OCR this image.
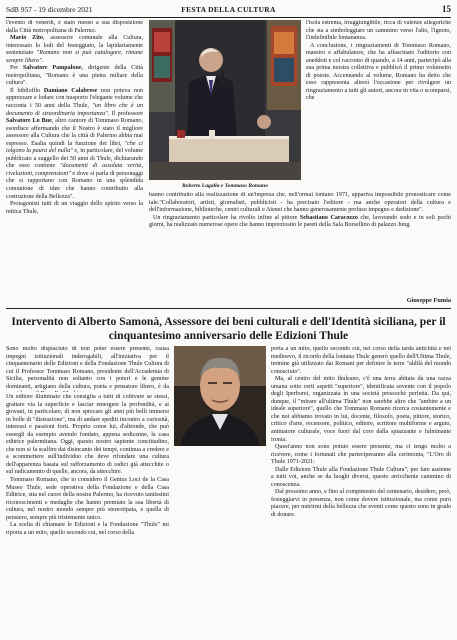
SdB 957 - 19 dicembre 2021	FESTA DELLA CULTURA	15

l'evento di venerdì, è stato messo a sua disposizione dalla Città metropolitana di Palermo.

Mario Zito, assessore comunale alla Cultura, interessato lo lodi del festeggiato, la lapidariamente sentenziato "Romano non si può catalogare, rimane sempre libero".

Per Salvatore Pampalone, dirigente della Città metropolitana, "Romano è una pietra miliare della cultura".

Il bibliofilo Damiano Calabrese non poteva non apprezzare e lodare con trasporto l'elegante volume che racconta i 50 anni della Thule, "un libro che è un documento di straordinaria importanza". Il professore Salvatore Lo Bue, altro cantore di Tommaso Romano, esordisce affermando che il Nostro è stato il migliore assessore alla Cultura che la città di Palermo abbia mai espresso. Esalta quindi la funzione dei libri, "che ci tolgono la paura del nulla" e, in particolare, del volume pubblicato a suggello dei 50 anni di Thule, dichiarando che esso contiene "documenti di assoluta verità, rivelazioni, comprensioni" e dove si parla di personaggi che si rapportano con Romano in una splendida comunione di idee che hanno contribuito alla costruzione della Bellezza".

Protagonisti tutti di un viaggio dello spirito verso la mitica Thule,

Roberto Lagalla e Tommaso Romano

l'isola estrema, irraggiungibile, ricca di valenze allegoriche che sta a simboleggiare un cammino verso l'alto, l'ignoto, l'indefinibile lontananza.

A conclusione, i ringraziamenti di Tommaso Romano, maestro e affabulatore, che ha affascinato l'uditorio con aneddoti e col racconto di quando, a 14 anni, partecipò alla sua prima mostra collettiva e pubblicò il primo volumetto di poesie. Accennando al volume, Romano ha detto che esso rappresenta altresì l'occasione per rivolgere un ringraziamento a tutti gli autori, ancora in vita o scomparsi, che

hanno contribuito alla realizzazione di un'impresa che, nell'ormai lontano 1971, appariva impossibile pronosticare come tale."Collaboratori, artisti, giornalisti, pubblicisti - ha precisato l'editore - ma anche operatori della cultura e dell'informazione, biblioteche, centri culturali e Atenei che hanno generosamente profuso impegno e dedizione".

Un ringraziamento particolare ha rivolto infine al pittore Sebastiano Caracozzo che, lavorando sodo e in soli pochi giorni, ha realizzato numerose opere che hanno impreziosito le pareti della Sala Borsellino di palazzo Jung.

Giuseppe Fumia
Intervento di Alberto Samonà, Assessore dei beni culturali e dell'Identità siciliana, per il cinquantesimo anniversario delle Edizioni Thule

Sono molto dispiaciuto di non poter essere presente, causa impegni istituzionali inderogabili, all'iniziativa per il cinquantenario delle Edizioni e della Fondazione Thule Cultura di cui il Professor Tommaso Romano, presidente dell'Accademia di Sicilia, personalità non soltanto con i poteri e le gemme dominanti, artigiano della cultura, poeta e pensatore libero, è da

Un editore illuminato che consiglia a tutti di coltivare se stessi, grattare via la superficie e lasciar emergere la profondità, e ai giovani, in particolare, di non sprecare gli anni più belli immersi in bolle di "distrazione", ma di andare spediti incontro a curiosità, interessi e passioni forti. Proprio come lui, d'altronde, che può essergli da esempio avendo fondato, appena sedicenne, la casa editrice palermitana. Oggi, questo nostro sapiente concittadino, che non si fa scalfire dai disincanto dei tempi, continua a credere e a scommettere sull'individuo che deve rifondare una cultura dell'apparenza basata sul rafforzamento di radici già attecchite o sul radicamento di quelle, ancora, da attecchire.

Tommaso Romano, che io considero il Genius Loci de la Casa Museo Thule, sede operativa della Fondazione e della Casa Editrice, sita nel cuore della nostra Palermo, ha ricevuto tantissimi riconoscimenti e medaglie che hanno premiato la sua libertà di cultura, nel nostro mondo sempre più stereotipata, e quella di pensiero, sempre più tristemente unico.

La scelta di chiamare le Edizioni e la Fondazione "Thule" mi riporta a un mito, quello secondo cui, nel corso della

porta a un mito, quello secondo cui, nel corso della tarda antichità e nel medioevo, il ricordo della lontana Thule generò quello dell'Ultima Thule, termine già utilizzato dai Romani per definire le terre "aldilà del mondo conosciuto".

Ma, al centro del mito thuleano, c'è una terra abitata da una razza umana sotto certi aspetti "superiore", identificata sovente con il popolo degli Iperborei, organizzata in una società pressoché perfetta. Da qui, dunque, il "mirare all'ultima Thule" non sarebbe altro che "ambire a un ideale superiore", quello che Tommaso Romano ricerca costantemente e che noi abbiamo trovato in lui, docente, filosofo, poeta, pittore, storico, critico d'arte, recensore, politico, editore, scrittore multiforme e arguto, animatore culturale, voce fuori dal coro dalla spiazzante e fulminante ironia.

Quest'anno non sono potuto essere presente, ma ci tengo molto a ricevere, come i fortunati che parteciperanno alla cerimonia, "L'Oro di Thule 1971-2021:

Dalle Edizioni Thule alla Fondazione Thule Cultura", per fare assieme a tutti voi, anche se da luoghi diversi, questo arricchente cammino di conoscenza.

Dal prossimo anno, e fino al compimento del centenario, desidero, però, festeggiarvi in presenza, non come dovere istituzionale, ma come puro piacere, per nutrirmi della bellezza che eventi come questo sono in grado di donare.
